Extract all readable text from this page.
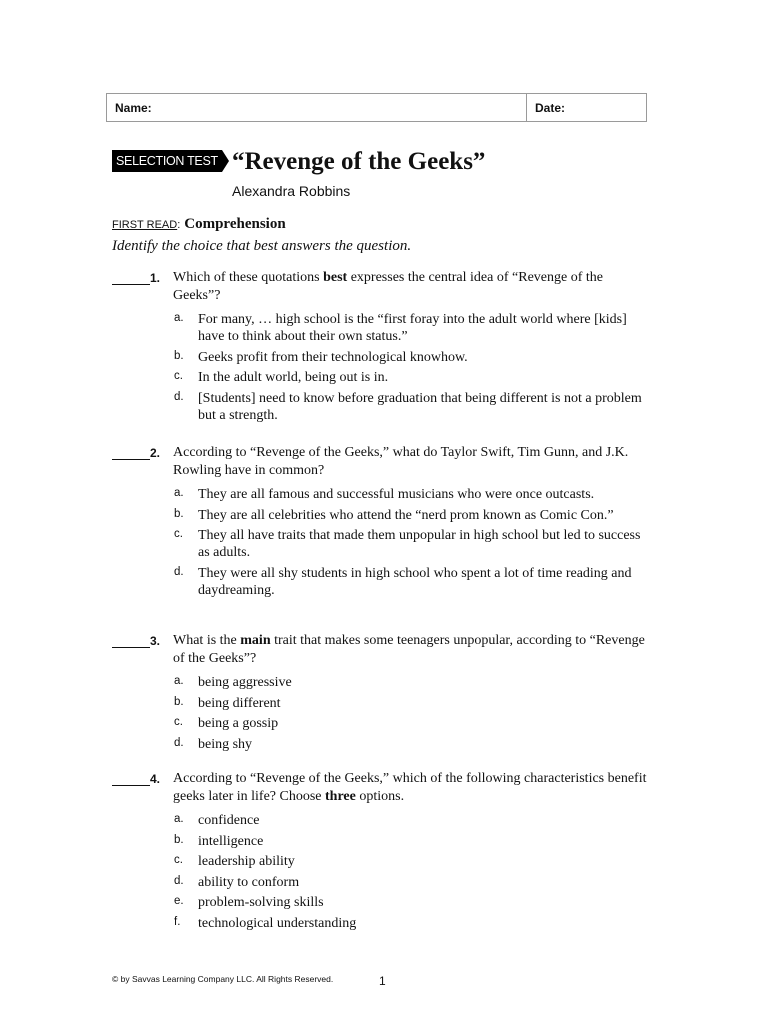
Name:	Date:
SELECTION TEST “Revenge of the Geeks”
Alexandra Robbins
FIRST READ: Comprehension
Identify the choice that best answers the question.
1. Which of these quotations best expresses the central idea of “Revenge of the Geeks”?
a. For many, … high school is the “first foray into the adult world where [kids] have to think about their own status.”
b. Geeks profit from their technological knowhow.
c. In the adult world, being out is in.
d. [Students] need to know before graduation that being different is not a problem but a strength.
2. According to “Revenge of the Geeks,” what do Taylor Swift, Tim Gunn, and J.K. Rowling have in common?
a. They are all famous and successful musicians who were once outcasts.
b. They are all celebrities who attend the “nerd prom known as Comic Con.”
c. They all have traits that made them unpopular in high school but led to success as adults.
d. They were all shy students in high school who spent a lot of time reading and daydreaming.
3. What is the main trait that makes some teenagers unpopular, according to “Revenge of the Geeks”?
a. being aggressive
b. being different
c. being a gossip
d. being shy
4. According to “Revenge of the Geeks,” which of the following characteristics benefit geeks later in life? Choose three options.
a. confidence
b. intelligence
c. leadership ability
d. ability to conform
e. problem-solving skills
f. technological understanding
© by Savvas Learning Company LLC. All Rights Reserved.	1
